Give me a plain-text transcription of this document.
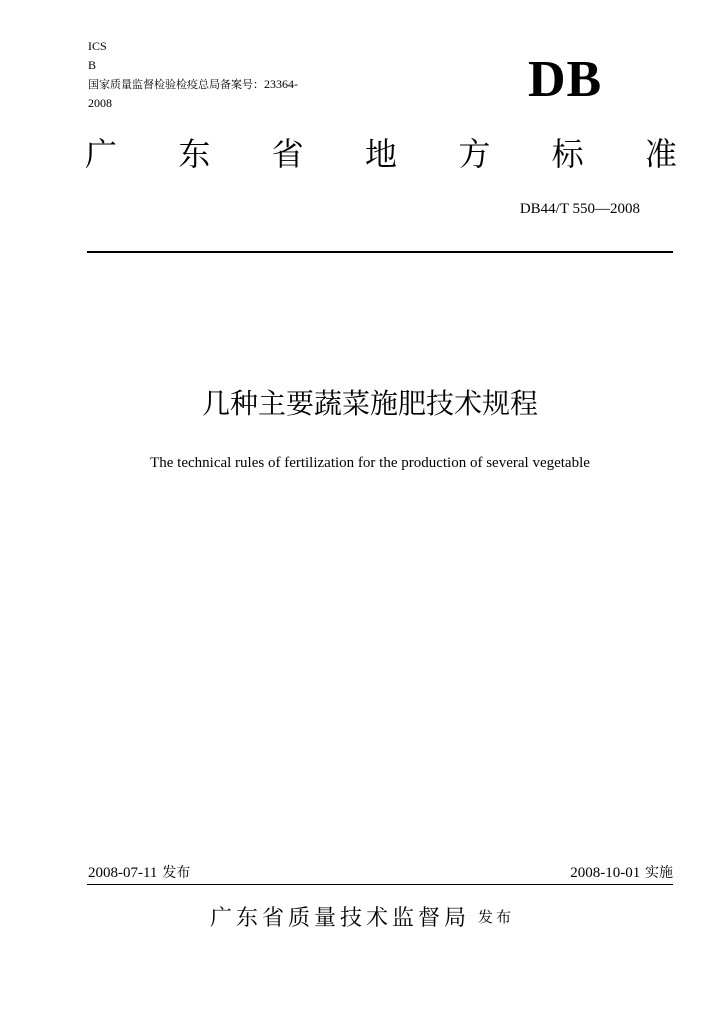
ICS
B
国家质量监督检验检疫总局备案号：23364-
2008	DB
广 东 省 地 方 标 准
DB44/T 550—2008
几种主要蔬菜施肥技术规程
The technical rules of fertilization for the production of several vegetable
2008-07-11 发布	2008-10-01 实施
广东省质量技术监督局 发布
